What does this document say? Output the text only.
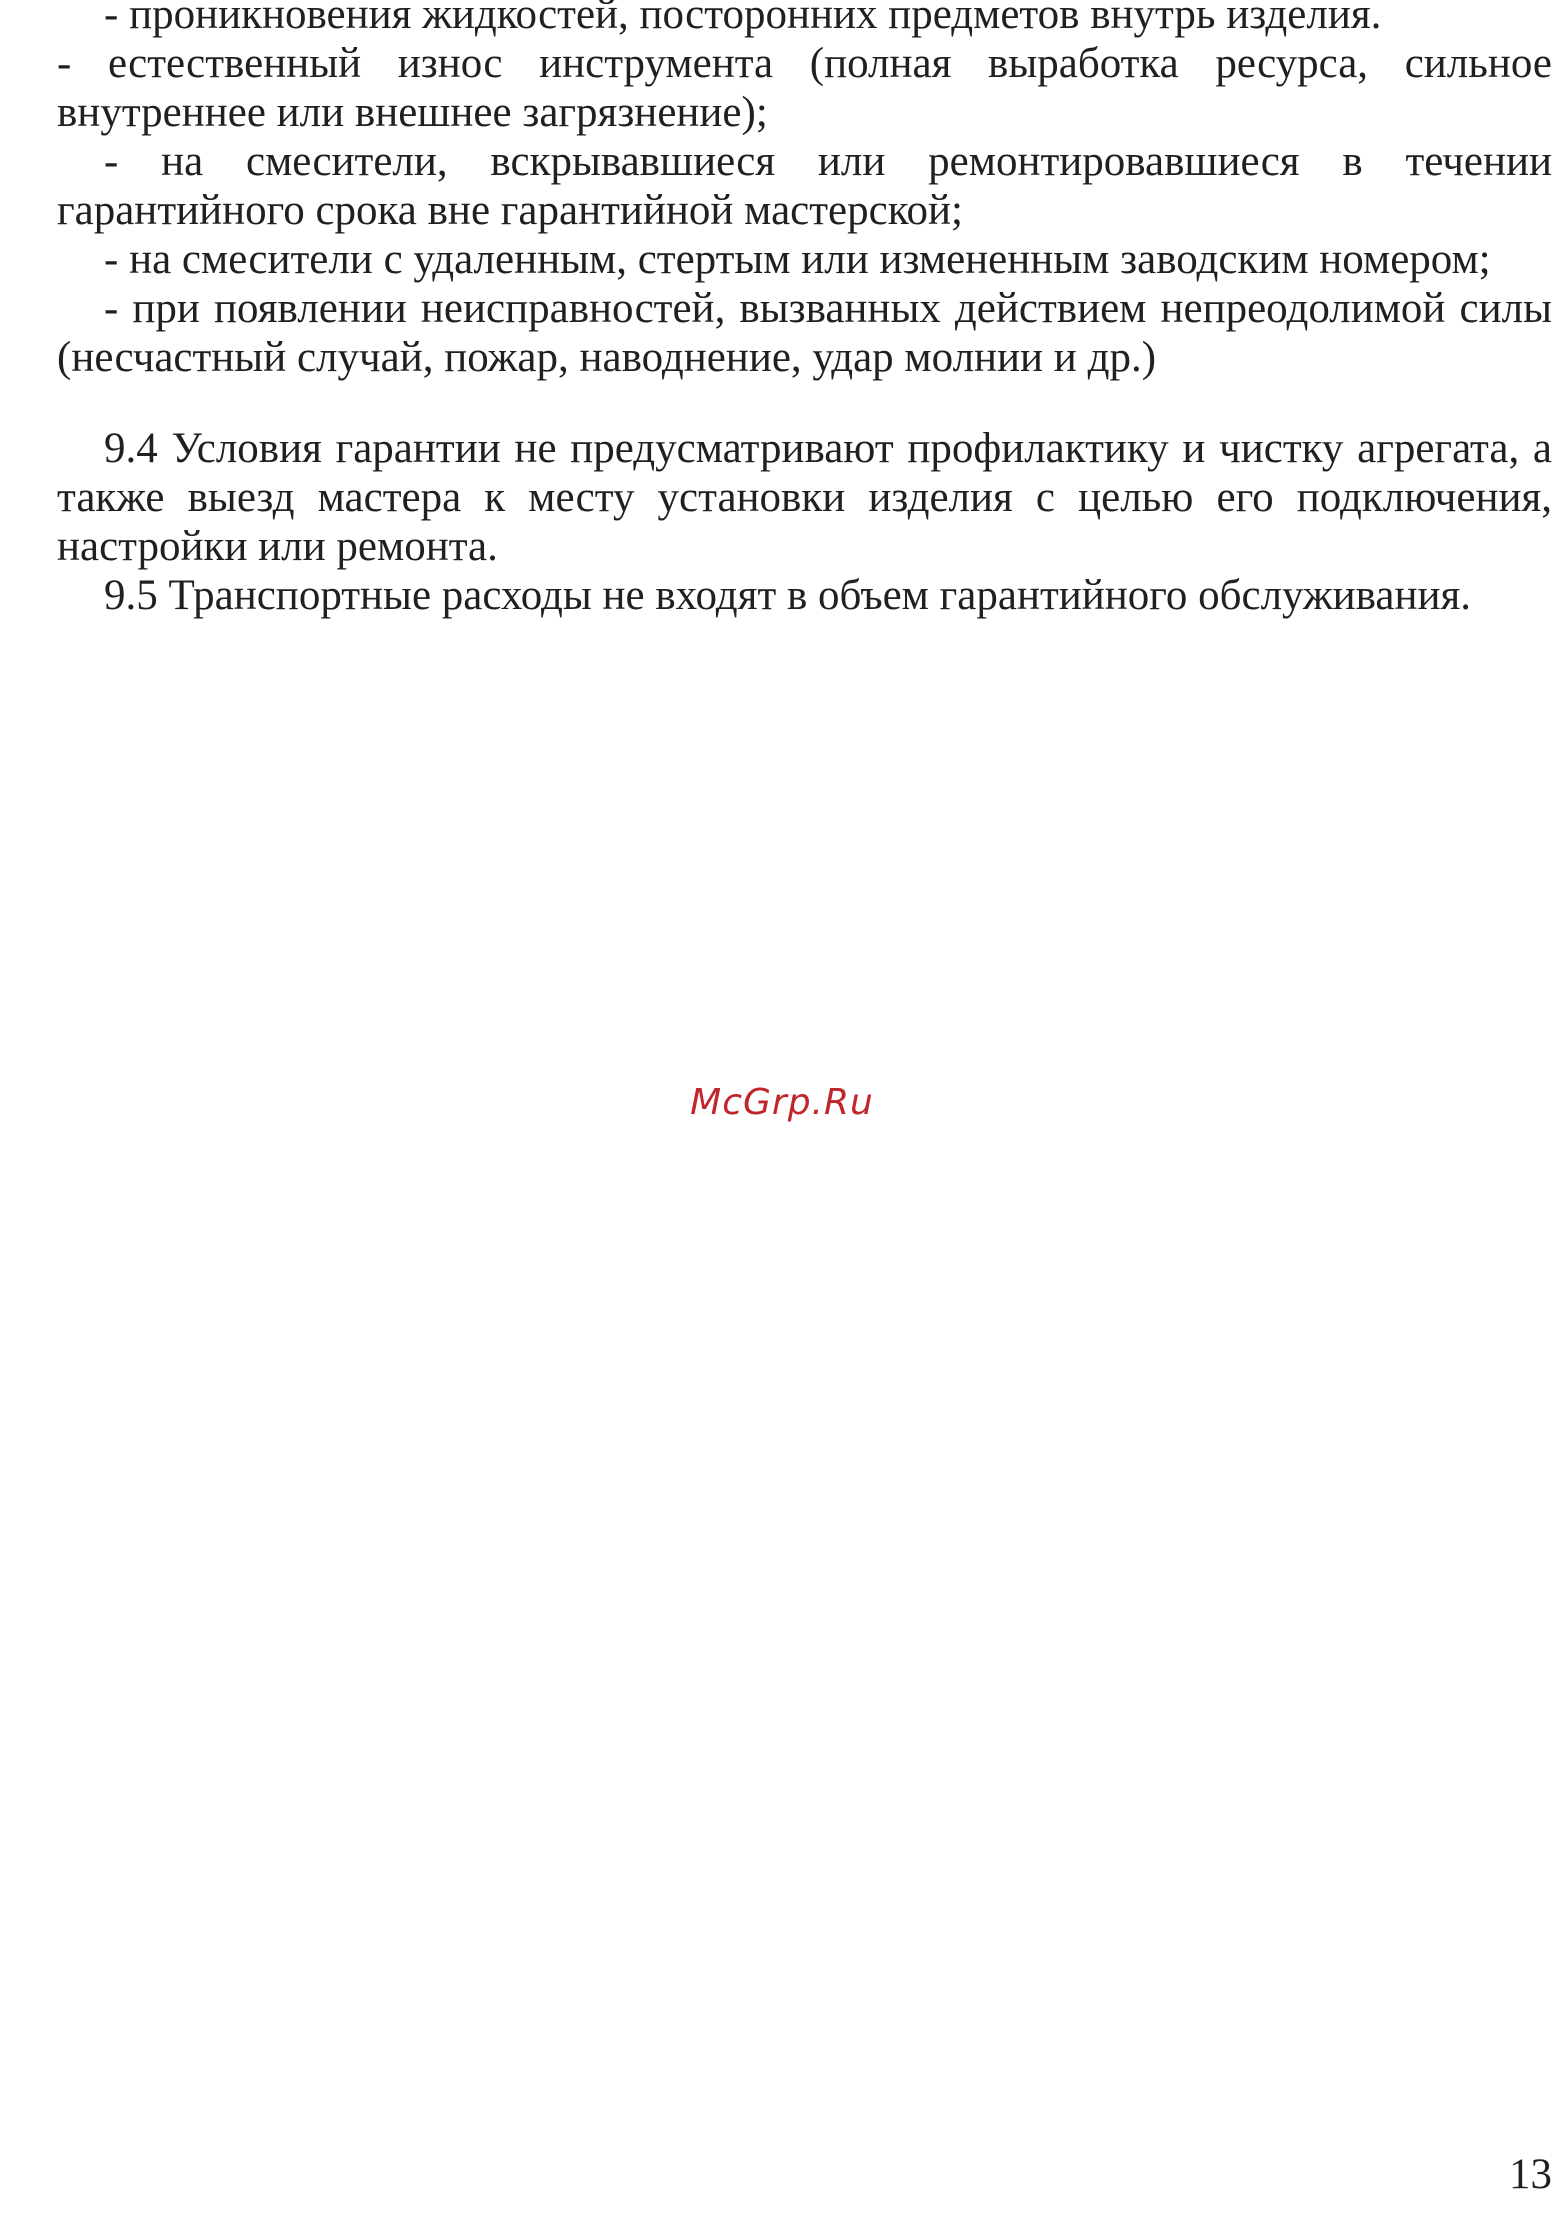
- проникновения жидкостей, посторонних предметов внутрь изделия.

- естественный износ инструмента (полная выработка ресурса, сильное внутреннее или внешнее загрязнение);

- на смесители, вскрывавшиеся или ремонтировавшиеся в течении гарантийного срока вне гарантийной мастерской;

- на смесители с удаленным, стертым или измененным заводским номером;

- при появлении неисправностей, вызванных действием непреодолимой силы (несчастный случай, пожар, наводнение, удар молнии и др.)

9.4 Условия гарантии не предусматривают профилактику и чистку агрегата, а также выезд мастера к месту установки изделия с целью его подключения, настройки или ремонта.

9.5 Транспортные расходы не входят в объем гарантийного обслуживания.

McGrp.Ru
13
